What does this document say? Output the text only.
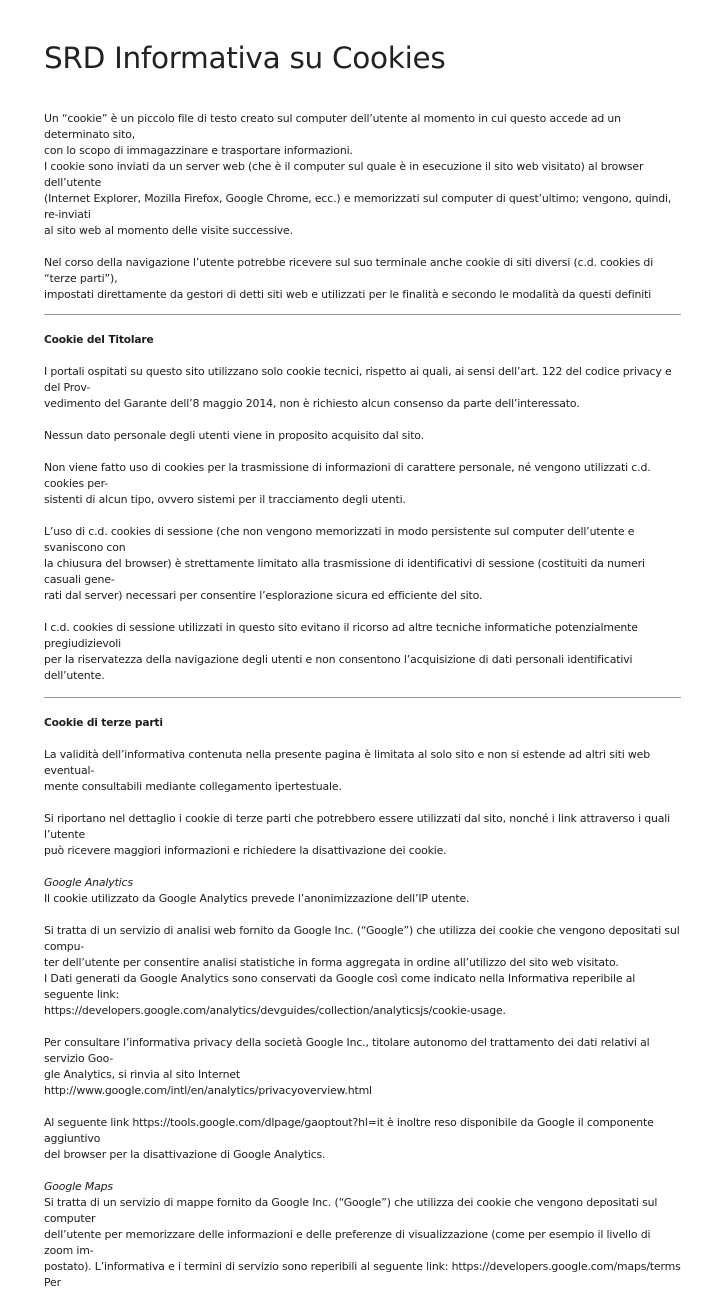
SRD Informativa su Cookies
Un “cookie” è un piccolo file di testo creato sul computer dell’utente al momento in cui questo accede ad un determinato sito,
con lo scopo di immagazzinare e trasportare informazioni.
I cookie sono inviati da un server web (che è il computer sul quale è in esecuzione il sito web visitato) al browser dell’utente
(Internet Explorer, Mozilla Firefox, Google Chrome, ecc.) e memorizzati sul computer di quest’ultimo; vengono, quindi, re-inviati
al sito web al momento delle visite successive.
Nel corso della navigazione l’utente potrebbe ricevere sul suo terminale anche cookie di siti diversi (c.d. cookies di “terze parti”),
impostati direttamente da gestori di detti siti web e utilizzati per le finalità e secondo le modalità da questi definiti
Cookie del Titolare
I portali ospitati su questo sito utilizzano solo cookie tecnici, rispetto ai quali, ai sensi dell’art. 122 del codice privacy e del Prov-
vedimento del Garante dell’8 maggio 2014, non è richiesto alcun consenso da parte dell’interessato.
Nessun dato personale degli utenti viene in proposito acquisito dal sito.
Non viene fatto uso di cookies per la trasmissione di informazioni di carattere personale, né vengono utilizzati c.d. cookies per-
sistenti di alcun tipo, ovvero sistemi per il tracciamento degli utenti.
L’uso di c.d. cookies di sessione (che non vengono memorizzati in modo persistente sul computer dell’utente e svaniscono con
la chiusura del browser) è strettamente limitato alla trasmissione di identificativi di sessione (costituiti da numeri casuali gene-
rati dal server) necessari per consentire l’esplorazione sicura ed efficiente del sito.
I c.d. cookies di sessione utilizzati in questo sito evitano il ricorso ad altre tecniche informatiche potenzialmente pregiudizievoli
per la riservatezza della navigazione degli utenti e non consentono l’acquisizione di dati personali identificativi dell’utente.
Cookie di terze parti
La validità dell’informativa contenuta nella presente pagina è limitata al solo sito e non si estende ad altri siti web eventual-
mente consultabili mediante collegamento ipertestuale.
Si riportano nel dettaglio i cookie di terze parti che potrebbero essere utilizzati dal sito, nonché i link attraverso i quali l’utente
può ricevere maggiori informazioni e richiedere la disattivazione dei cookie.
Google Analytics
Il cookie utilizzato da Google Analytics prevede l’anonimizzazione dell’IP utente.
Si tratta di un servizio di analisi web fornito da Google Inc. (“Google”) che utilizza dei cookie che vengono depositati sul compu-
ter dell’utente per consentire analisi statistiche in forma aggregata in ordine all’utilizzo del sito web visitato.
I Dati generati da Google Analytics sono conservati da Google così come indicato nella Informativa reperibile al seguente link:
https://developers.google.com/analytics/devguides/collection/analyticsjs/cookie-usage.
Per consultare l’informativa privacy della società Google Inc., titolare autonomo del trattamento dei dati relativi al servizio Goo-
gle Analytics, si rinvia al sito Internet
http://www.google.com/intl/en/analytics/privacyoverview.html
Al seguente link https://tools.google.com/dlpage/gaoptout?hl=it è inoltre reso disponibile da Google il componente aggiuntivo
del browser per la disattivazione di Google Analytics.
Google Maps
Si tratta di un servizio di mappe fornito da Google Inc. (“Google”) che utilizza dei cookie che vengono depositati sul computer
dell’utente per memorizzare delle informazioni e delle preferenze di visualizzazione (come per esempio il livello di zoom im-
postato). L’informativa e i termini di servizio sono reperibili al seguente link: https://developers.google.com/maps/terms Per
